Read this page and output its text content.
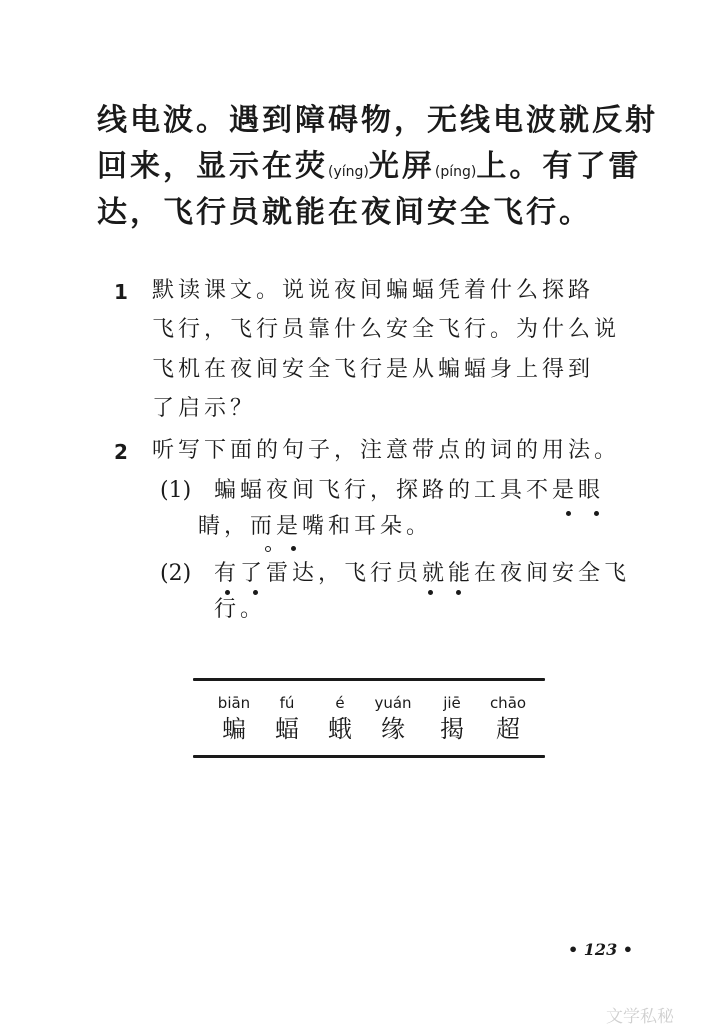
线电波。遇到障碍物，无线电波就反射
回来，显示在荧(yíng)光屏(píng)上。有了雷
达，飞行员就能在夜间安全飞行。
1 默读课文。说说夜间蝙蝠凭着什么探路
飞行，飞行员靠什么安全飞行。为什么说
飞机在夜间安全飞行是从蝙蝠身上得到
了启示？
2 听写下面的句子，注意带点的词的用法。
(1) 蝙蝠夜间飞行，探路的工具不是眼
睛，而是嘴和耳朵。
(2) 有了雷达，飞行员就能在夜间安全飞
行。
biān
蝙
fú
蝠
é
蛾
yuán
缘
jiē
揭
chāo
超
• 123 •
文学私秘
